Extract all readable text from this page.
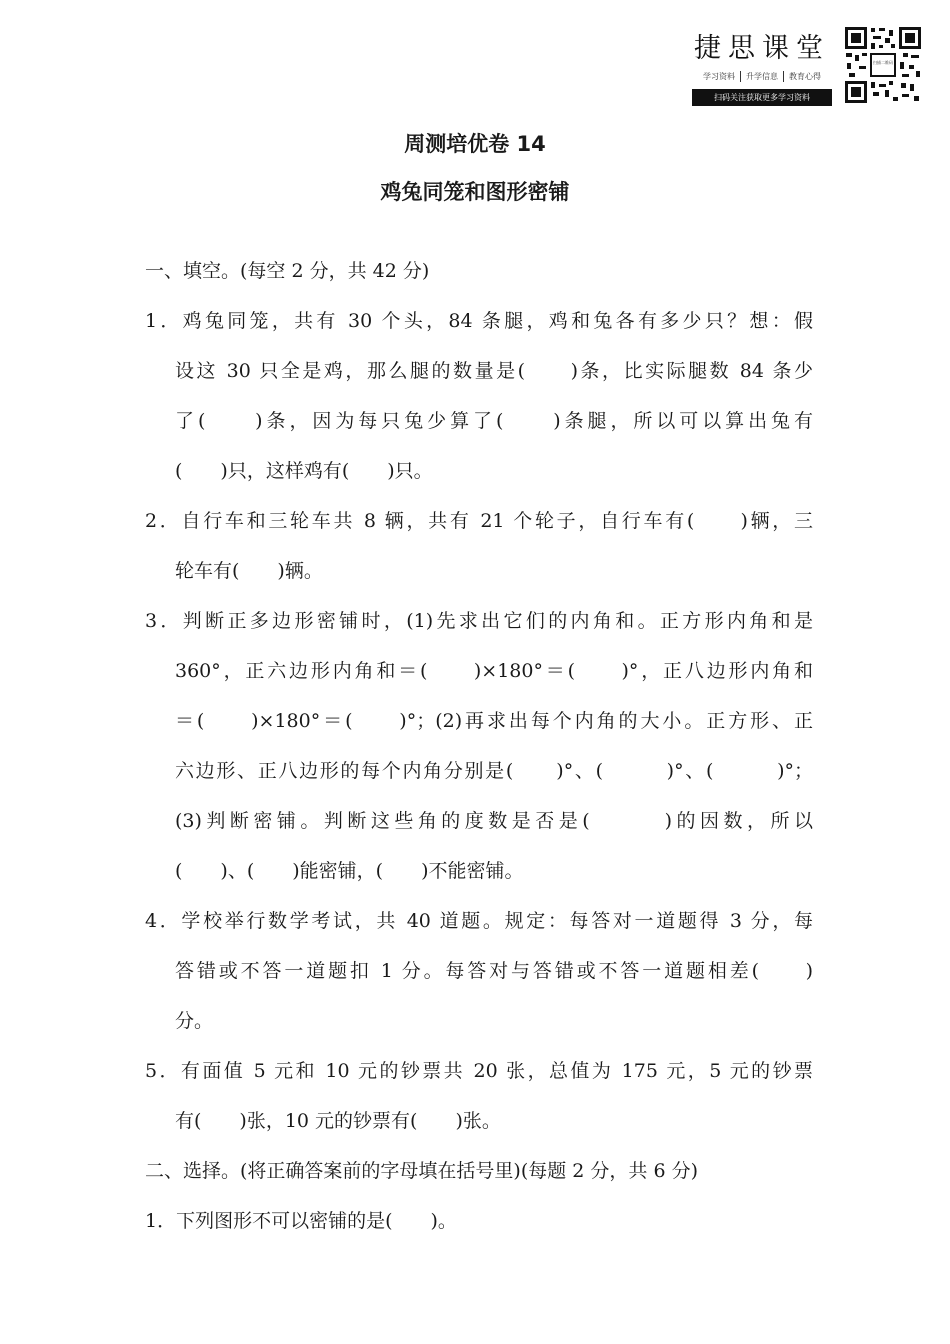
捷思课堂
学习资料	升学信息	教育心得
扫码关注获取更多学习资料
扫描二维码
周测培优卷 14
鸡兔同笼和图形密铺
一、填空。(每空 2 分，共 42 分)
1．鸡兔同笼，共有 30 个头，84 条腿，鸡和兔各有多少只？想：假
设这 30 只全是鸡，那么腿的数量是(　　)条，比实际腿数 84 条少
了(　　)条，因为每只兔少算了(　　)条腿，所以可以算出兔有
(　　)只，这样鸡有(　　)只。
2．自行车和三轮车共 8 辆，共有 21 个轮子，自行车有(　　)辆，三
轮车有(　　)辆。
3．判断正多边形密铺时，(1)先求出它们的内角和。正方形内角和是
360°，正六边形内角和＝(　　)×180°＝(　　)°，正八边形内角和
＝(　　)×180°＝(　　)°；(2)再求出每个内角的大小。正方形、正
六边形、正八边形的每个内角分别是(　　)°、(　　　)°、(　　　)°；
(3)判断密铺。判断这些角的度数是否是(　　　)的因数，所以
(　　)、(　　)能密铺，(　　)不能密铺。
4．学校举行数学考试，共 40 道题。规定：每答对一道题得 3 分，每
答错或不答一道题扣 1 分。每答对与答错或不答一道题相差(　　)
分。
5．有面值 5 元和 10 元的钞票共 20 张，总值为 175 元，5 元的钞票
有(　　)张，10 元的钞票有(　　)张。
二、选择。(将正确答案前的字母填在括号里)(每题 2 分，共 6 分)
1．下列图形不可以密铺的是(　　)。
